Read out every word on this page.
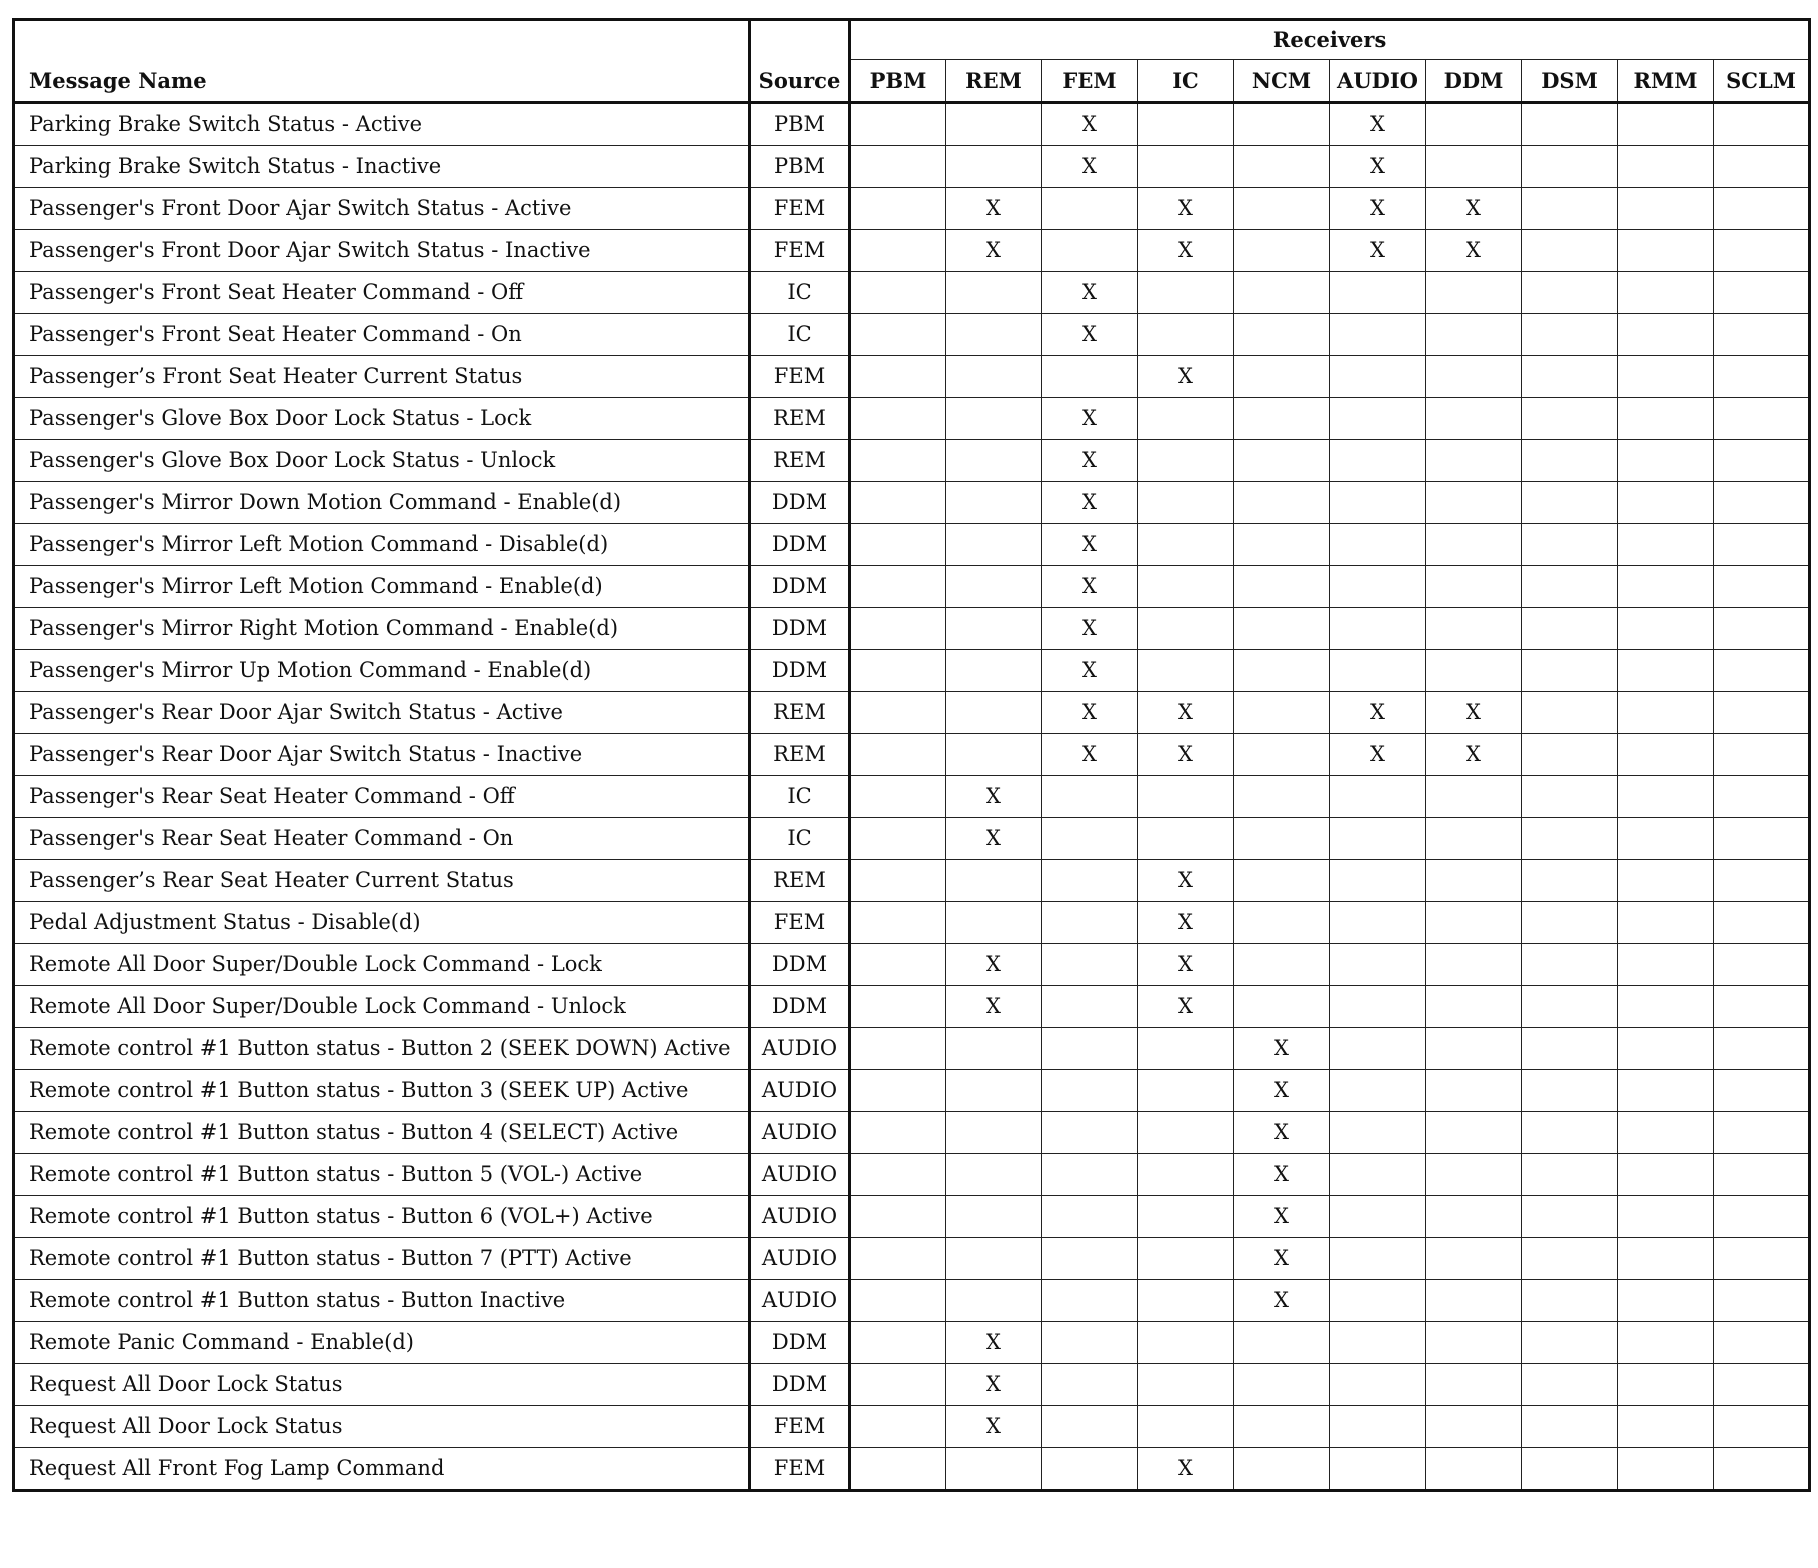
Message Name	Source	Receivers									
		PBM	REM	FEM	IC	NCM	AUDIO	DDM	DSM	RMM	SCLM
Parking Brake Switch Status - Active	PBM			X			X				
Parking Brake Switch Status - Inactive	PBM			X			X				
Passenger's Front Door Ajar Switch Status - Active	FEM		X		X		X	X			
Passenger's Front Door Ajar Switch Status - Inactive	FEM		X		X		X	X			
Passenger's Front Seat Heater Command - Off	IC			X							
Passenger's Front Seat Heater Command - On	IC			X							
Passenger’s Front Seat Heater Current Status	FEM				X						
Passenger's Glove Box Door Lock Status - Lock	REM			X							
Passenger's Glove Box Door Lock Status - Unlock	REM			X							
Passenger's Mirror Down Motion Command - Enable(d)	DDM			X							
Passenger's Mirror Left Motion Command - Disable(d)	DDM			X							
Passenger's Mirror Left Motion Command - Enable(d)	DDM			X							
Passenger's Mirror Right Motion Command - Enable(d)	DDM			X							
Passenger's Mirror Up Motion Command - Enable(d)	DDM			X							
Passenger's Rear Door Ajar Switch Status - Active	REM			X	X		X	X			
Passenger's Rear Door Ajar Switch Status - Inactive	REM			X	X		X	X			
Passenger's Rear Seat Heater Command - Off	IC		X								
Passenger's Rear Seat Heater Command - On	IC		X								
Passenger’s Rear Seat Heater Current Status	REM				X						
Pedal Adjustment Status - Disable(d)	FEM				X						
Remote All Door Super/Double Lock Command - Lock	DDM		X		X						
Remote All Door Super/Double Lock Command - Unlock	DDM		X		X						
Remote control #1 Button status - Button 2 (SEEK DOWN) Active	AUDIO					X					
Remote control #1 Button status - Button 3 (SEEK UP) Active	AUDIO					X					
Remote control #1 Button status - Button 4 (SELECT) Active	AUDIO					X					
Remote control #1 Button status - Button 5 (VOL-) Active	AUDIO					X					
Remote control #1 Button status - Button 6 (VOL+) Active	AUDIO					X					
Remote control #1 Button status - Button 7 (PTT) Active	AUDIO					X					
Remote control #1 Button status - Button Inactive	AUDIO					X					
Remote Panic Command - Enable(d)	DDM		X								
Request All Door Lock Status	DDM		X								
Request All Door Lock Status	FEM		X								
Request All Front Fog Lamp Command	FEM				X						
